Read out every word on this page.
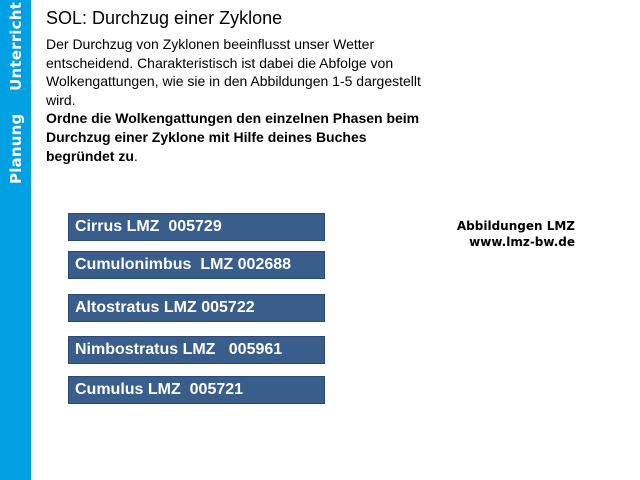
Planung
Unterricht SOL: Durchzug einer Zyklone

Der Durchzug von Zyklonen beeinflusst unser Wetter entscheidend. Charakteristisch ist dabei die Abfolge von Wolkengattungen, wie sie in den Abbildungen 1-5 dargestellt wird.

Ordne die Wolkengattungen den einzelnen Phasen beim Durchzug einer Zyklone mit Hilfe deines Buches begründet zu.

Cirrus LMZ  005729
Cumulonimbus  LMZ 002688
Altostratus LMZ 005722
Nimbostratus LMZ   005961
Cumulus LMZ  005721
Abbildungen LMZ
www.lmz-bw.de
